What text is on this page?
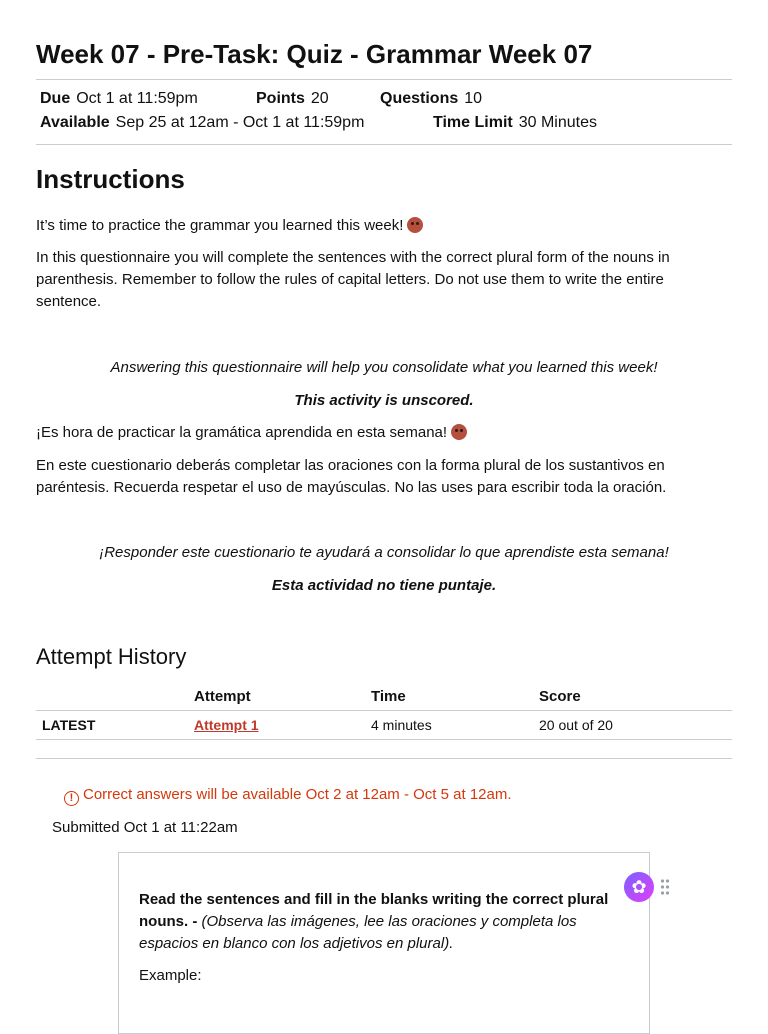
Week 07 - Pre-Task: Quiz - Grammar Week 07
Due Oct 1 at 11:59pm	Points 20	Questions 10
Available Sep 25 at 12am - Oct 1 at 11:59pm	Time Limit 30 Minutes
Instructions
It’s time to practice the grammar you learned this week!
In this questionnaire you will complete the sentences with the correct plural form of the nouns in parenthesis. Remember to follow the rules of capital letters. Do not use them to write the entire sentence.
Answering this questionnaire will help you consolidate what you learned this week!
This activity is unscored.
¡Es hora de practicar la gramática aprendida en esta semana!
En este cuestionario deberás completar las oraciones con la forma plural de los sustantivos en paréntesis. Recuerda respetar el uso de mayúsculas. No las uses para escribir toda la oración.
¡Responder este cuestionario te ayudará a consolidar lo que aprendiste esta semana!
Esta actividad no tiene puntaje.
Attempt History
	Attempt	Time	Score
LATEST	Attempt 1	4 minutes	20 out of 20
! Correct answers will be available Oct 2 at 12am - Oct 5 at 12am.
Submitted Oct 1 at 11:22am
Read the sentences and fill in the blanks writing the correct plural nouns. - (Observa las imágenes, lee las oraciones y completa los espacios en blanco con los adjetivos en plural).
Example:
✿
